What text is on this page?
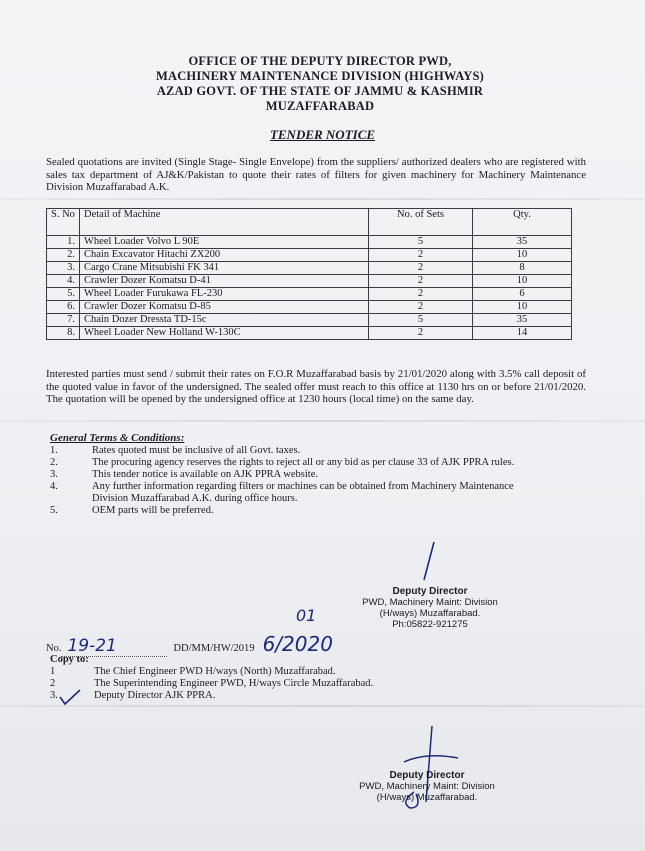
OFFICE OF THE DEPUTY DIRECTOR PWD,
MACHINERY MAINTENANCE DIVISION (HIGHWAYS)
AZAD GOVT. OF THE STATE OF JAMMU & KASHMIR
MUZAFFARABAD
TENDER NOTICE
Sealed quotations are invited (Single Stage- Single Envelope) from the suppliers/ authorized dealers who are registered with sales tax department of AJ&K/Pakistan to quote their rates of filters for given machinery for Machinery Maintenance Division Muzaffarabad A.K.
S. No	Detail of Machine	No. of Sets	Qty.
1.	Wheel Loader Volvo L 90E	5	35
2.	Chain Excavator Hitachi ZX200	2	10
3.	Cargo Crane Mitsubishi FK 341	2	8
4.	Crawler Dozer Komatsu D-41	2	10
5.	Wheel Loader Furukawa FL-230	2	6
6.	Crawler Dozer Komatsu D-85	2	10
7.	Chain Dozer Dressta TD-15c	5	35
8.	Wheel Loader New Holland W-130C	2	14
Interested parties must send / submit their rates on F.O.R Muzaffarabad basis by 21/01/2020 along with 3.5% call deposit of the quoted value in favor of the undersigned. The sealed offer must reach to this office at 1130 hrs on or before 21/01/2020. The quotation will be opened by the undersigned office at 1230 hours (local time) on the same day.
General Terms & Conditions:
1.	Rates quoted must be inclusive of all Govt. taxes.
2.	The procuring agency reserves the rights to reject all or any bid as per clause 33 of AJK PPRA rules.
3.	This tender notice is available on AJK PPRA website.
4.	Any further information regarding filters or machines can be obtained from Machinery Maintenance Division Muzaffarabad A.K. during office hours.
5.	OEM parts will be preferred.
Deputy Director
PWD, Machinery Maint: Division
(H/ways) Muzaffarabad.
Ph:05822-921275
01
No. 19-21	DD/MM/HW/2019 6/2020
Copy to:
1	The Chief Engineer PWD H/ways (North) Muzaffarabad.
2	The Superintending Engineer PWD, H/ways Circle Muzaffarabad.
3.	Deputy Director AJK PPRA.
Deputy Director
PWD, Machinery Maint: Division
(H/ways) Muzaffarabad.
